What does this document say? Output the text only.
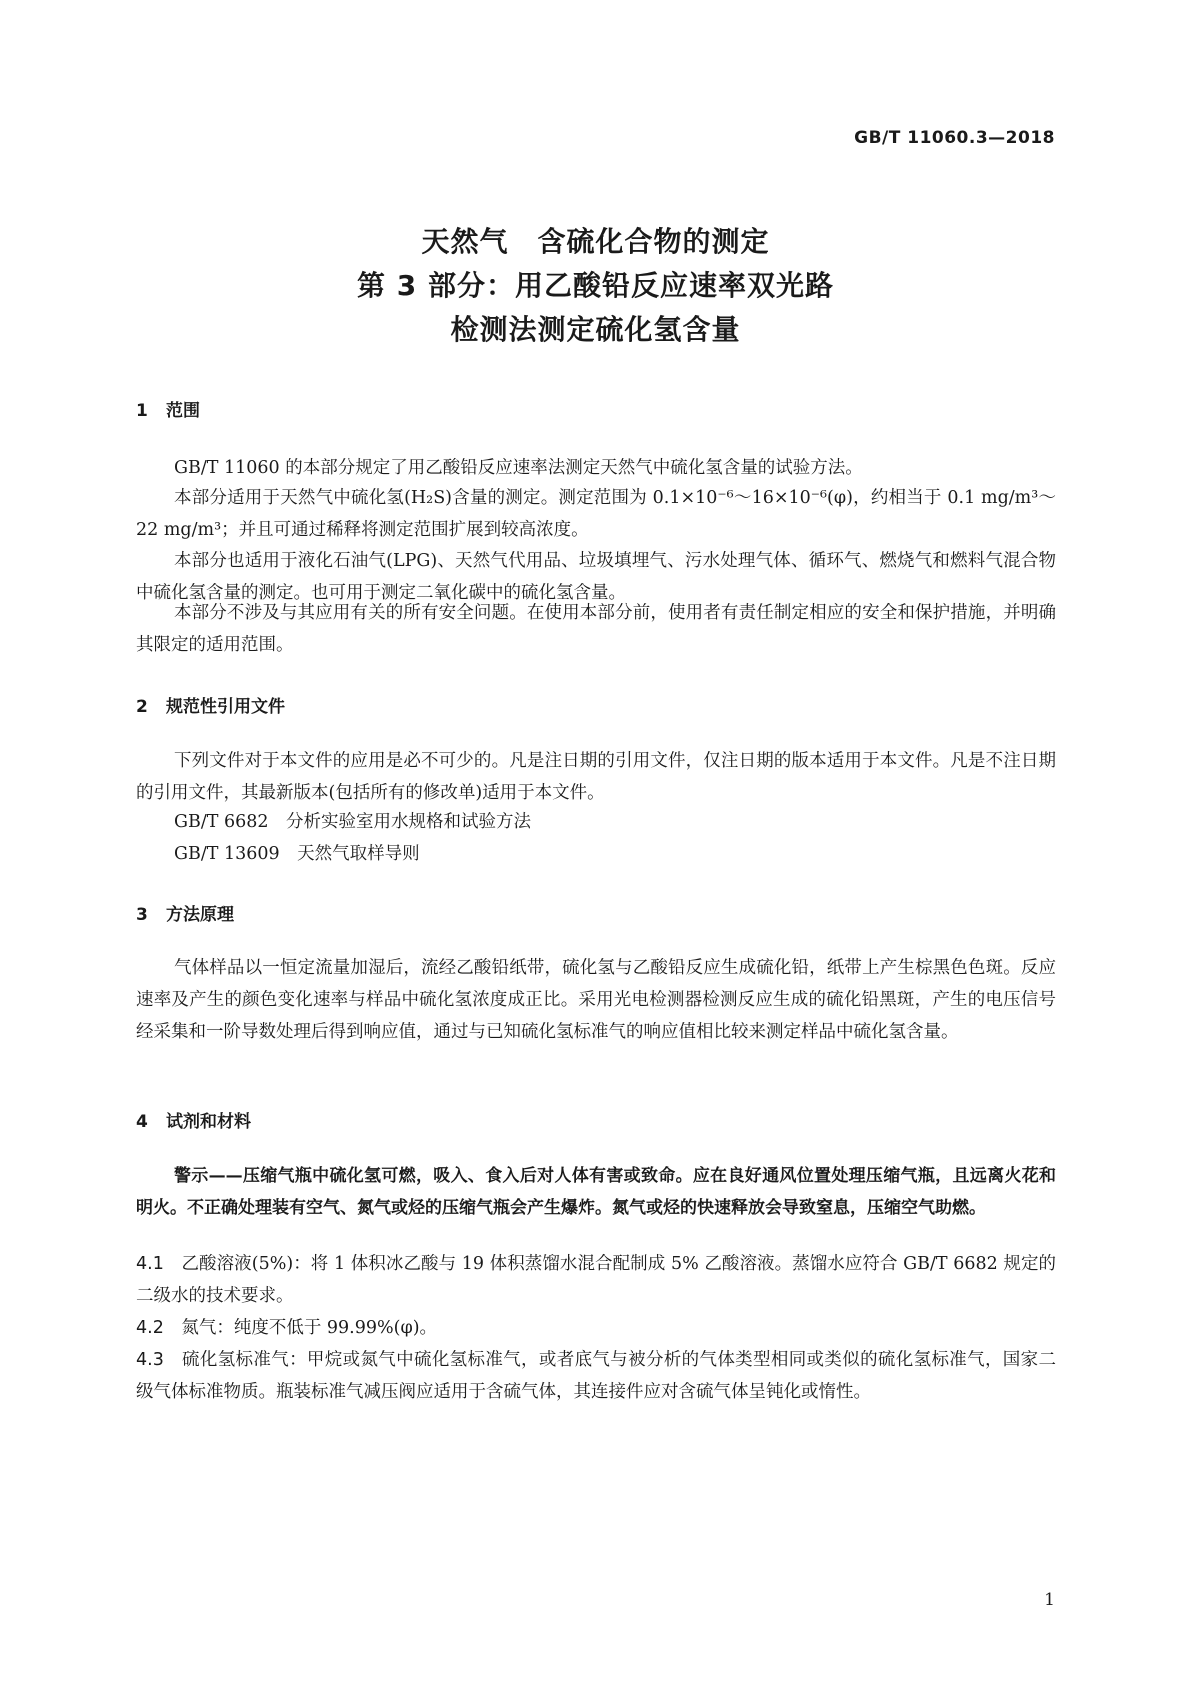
GB/T 11060.3—2018
天然气　含硫化合物的测定
第 3 部分：用乙酸铅反应速率双光路
检测法测定硫化氢含量
1 范围

GB/T 11060 的本部分规定了用乙酸铅反应速率法测定天然气中硫化氢含量的试验方法。

本部分适用于天然气中硫化氢(H₂S)含量的测定。测定范围为 0.1×10⁻⁶～16×10⁻⁶(φ)，约相当于 0.1 mg/m³～22 mg/m³；并且可通过稀释将测定范围扩展到较高浓度。

本部分也适用于液化石油气(LPG)、天然气代用品、垃圾填埋气、污水处理气体、循环气、燃烧气和燃料气混合物中硫化氢含量的测定。也可用于测定二氧化碳中的硫化氢含量。

本部分不涉及与其应用有关的所有安全问题。在使用本部分前，使用者有责任制定相应的安全和保护措施，并明确其限定的适用范围。

2 规范性引用文件

下列文件对于本文件的应用是必不可少的。凡是注日期的引用文件，仅注日期的版本适用于本文件。凡是不注日期的引用文件，其最新版本(包括所有的修改单)适用于本文件。

GB/T 6682　 分析实验室用水规格和试验方法
GB/T 13609　 天然气取样导则
3 方法原理

气体样品以一恒定流量加湿后，流经乙酸铅纸带，硫化氢与乙酸铅反应生成硫化铅，纸带上产生棕黑色色斑。反应速率及产生的颜色变化速率与样品中硫化氢浓度成正比。采用光电检测器检测反应生成的硫化铅黑斑，产生的电压信号经采集和一阶导数处理后得到响应值，通过与已知硫化氢标准气的响应值相比较来测定样品中硫化氢含量。

4 试剂和材料

警示——压缩气瓶中硫化氢可燃，吸入、食入后对人体有害或致命。应在良好通风位置处理压缩气瓶，且远离火花和明火。不正确处理装有空气、氮气或烃的压缩气瓶会产生爆炸。氮气或烃的快速释放会导致窒息，压缩空气助燃。

4.1　 乙酸溶液(5%)：将 1 体积冰乙酸与 19 体积蒸馏水混合配制成 5% 乙酸溶液。蒸馏水应符合 GB/T 6682 规定的二级水的技术要求。

4.2　 氮气：纯度不低于 99.99%(φ)。

4.3　 硫化氢标准气：甲烷或氮气中硫化氢标准气，或者底气与被分析的气体类型相同或类似的硫化氢标准气，国家二级气体标准物质。瓶装标准气减压阀应适用于含硫气体，其连接件应对含硫气体呈钝化或惰性。

1
